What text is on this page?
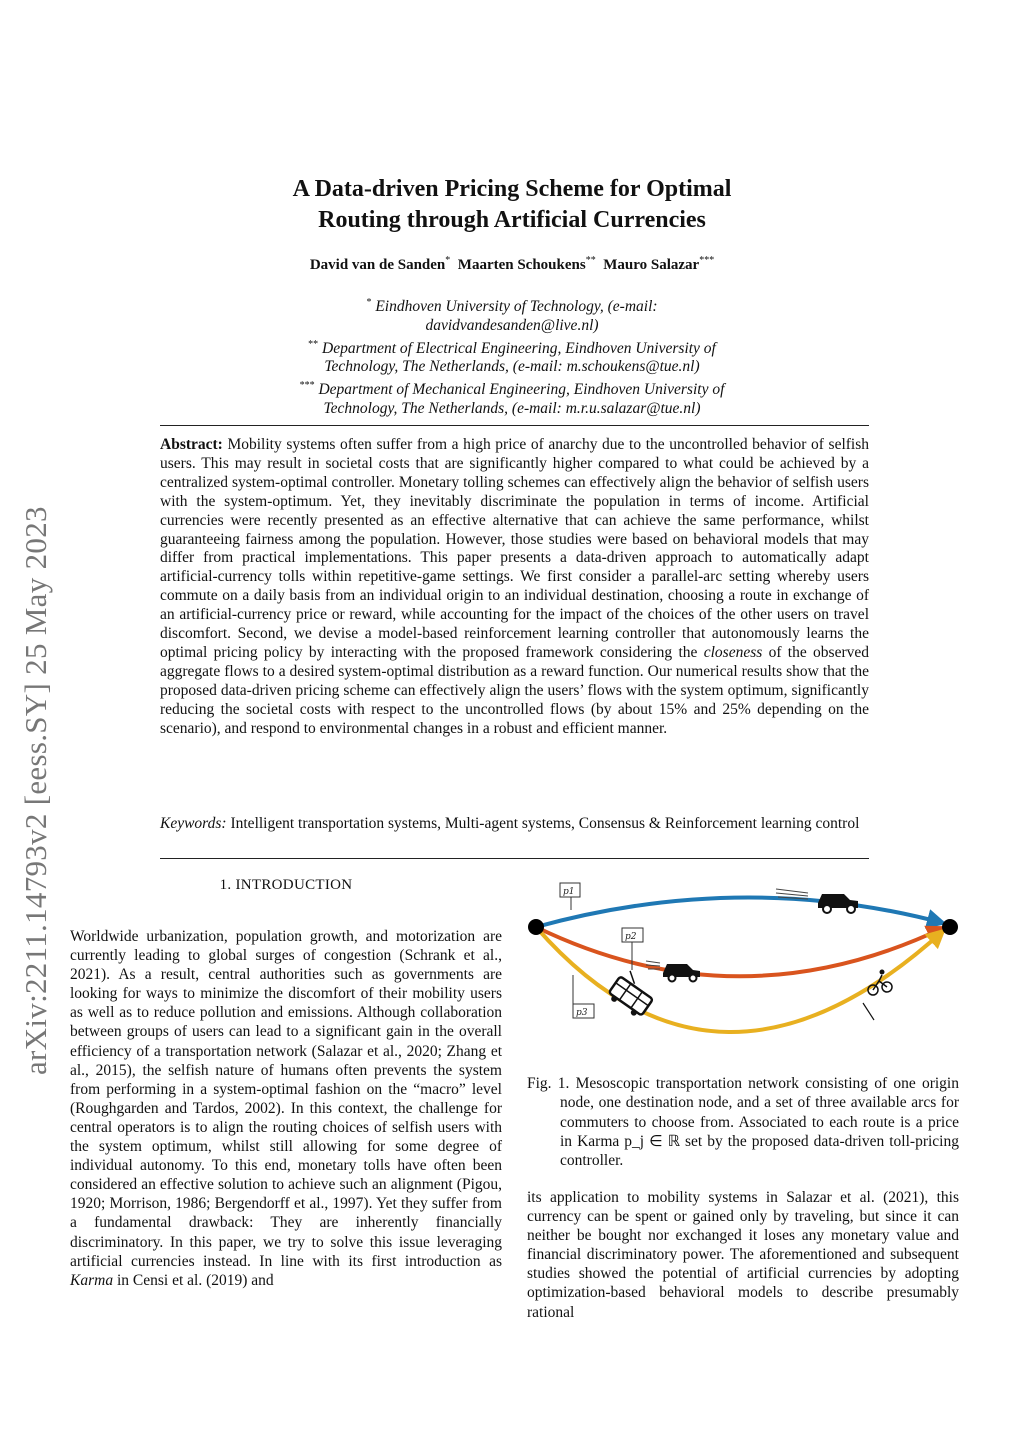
arXiv:2211.14793v2 [eess.SY] 25 May 2023
A Data-driven Pricing Scheme for Optimal
Routing through Artificial Currencies
David van de Sanden* Maarten Schoukens** Mauro Salazar***
* Eindhoven University of Technology, (e-mail:
davidvandesanden@live.nl)
** Department of Electrical Engineering, Eindhoven University of
Technology, The Netherlands, (e-mail: m.schoukens@tue.nl)
*** Department of Mechanical Engineering, Eindhoven University of
Technology, The Netherlands, (e-mail: m.r.u.salazar@tue.nl)
Abstract: Mobility systems often suffer from a high price of anarchy due to the uncontrolled behavior of selfish users. This may result in societal costs that are significantly higher compared to what could be achieved by a centralized system-optimal controller. Monetary tolling schemes can effectively align the behavior of selfish users with the system-optimum. Yet, they inevitably discriminate the population in terms of income. Artificial currencies were recently presented as an effective alternative that can achieve the same performance, whilst guaranteeing fairness among the population. However, those studies were based on behavioral models that may differ from practical implementations. This paper presents a data-driven approach to automatically adapt artificial-currency tolls within repetitive-game settings. We first consider a parallel-arc setting whereby users commute on a daily basis from an individual origin to an individual destination, choosing a route in exchange of an artificial-currency price or reward, while accounting for the impact of the choices of the other users on travel discomfort. Second, we devise a model-based reinforcement learning controller that autonomously learns the optimal pricing policy by interacting with the proposed framework considering the closeness of the observed aggregate flows to a desired system-optimal distribution as a reward function. Our numerical results show that the proposed data-driven pricing scheme can effectively align the users’ flows with the system optimum, significantly reducing the societal costs with respect to the uncontrolled flows (by about 15% and 25% depending on the scenario), and respond to environmental changes in a robust and efficient manner.
Keywords: Intelligent transportation systems, Multi-agent systems, Consensus & Reinforcement learning control
1. INTRODUCTION
Worldwide urbanization, population growth, and motorization are currently leading to global surges of congestion (Schrank et al., 2021). As a result, central authorities such as governments are looking for ways to minimize the discomfort of their mobility users as well as to reduce pollution and emissions. Although collaboration between groups of users can lead to a significant gain in the overall efficiency of a transportation network (Salazar et al., 2020; Zhang et al., 2015), the selfish nature of humans often prevents the system from performing in a system-optimal fashion on the “macro” level (Roughgarden and Tardos, 2002). In this context, the challenge for central operators is to align the routing choices of selfish users with the system optimum, whilst still allowing for some degree of individual autonomy. To this end, monetary tolls have often been considered an effective solution to achieve such an alignment (Pigou, 1920; Morrison, 1986; Bergendorff et al., 1997). Yet they suffer from a fundamental drawback: They are inherently financially discriminatory. In this paper, we try to solve this issue leveraging artificial currencies instead. In line with its first introduction as Karma in Censi et al. (2019) and
p1
p2
p3
Fig. 1. Mesoscopic transportation network consisting of one origin node, one destination node, and a set of three available arcs for commuters to choose from. Associated to each route is a price in Karma p_j ∈ ℝ set by the proposed data-driven toll-pricing controller.
its application to mobility systems in Salazar et al. (2021), this currency can be spent or gained only by traveling, but since it can neither be bought nor exchanged it loses any monetary value and financial discriminatory power. The aforementioned and subsequent studies showed the potential of artificial currencies by adopting optimization-based behavioral models to describe presumably rational
